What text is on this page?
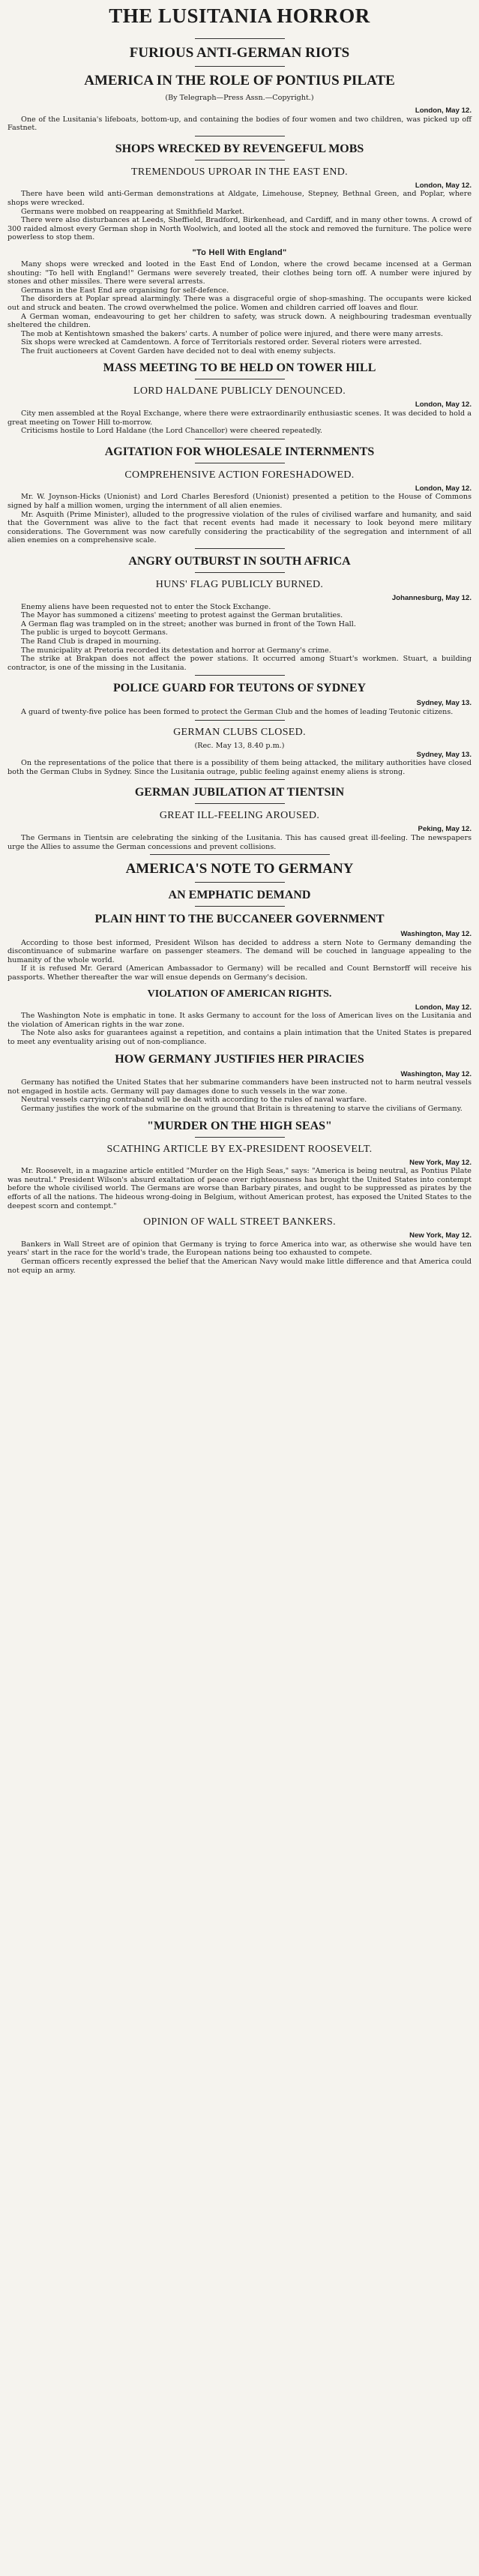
THE LUSITANIA HORROR
FURIOUS ANTI-GERMAN RIOTS
AMERICA IN THE ROLE OF PONTIUS PILATE
(By Telegraph—Press Assn.—Copyright.)
London, May 12.

One of the Lusitania's lifeboats, bottom-up, and containing the bodies of four women and two children, was picked up off Fastnet.

SHOPS WRECKED BY REVENGEFUL MOBS
TREMENDOUS UPROAR IN THE EAST END.
London, May 12.

There have been wild anti-German demonstrations at Aldgate, Limehouse, Stepney, Bethnal Green, and Poplar, where shops were wrecked.

Germans were mobbed on reappearing at Smithfield Market.

There were also disturbances at Leeds, Sheffield, Bradford, Birkenhead, and Cardiff, and in many other towns. A crowd of 300 raided almost every German shop in North Woolwich, and looted all the stock and removed the furniture. The police were powerless to stop them.

"To Hell With England"

Many shops were wrecked and looted in the East End of London, where the crowd became incensed at a German shouting: "To hell with England!" Germans were severely treated, their clothes being torn off. A number were injured by stones and other missiles. There were several arrests.

Germans in the East End are organising for self-defence.

The disorders at Poplar spread alarmingly. There was a disgraceful orgie of shop-smashing. The occupants were kicked out and struck and beaten. The crowd overwhelmed the police. Women and children carried off loaves and flour.

A German woman, endeavouring to get her children to safety, was struck down. A neighbouring tradesman eventually sheltered the children.

The mob at Kentishtown smashed the bakers' carts. A number of police were injured, and there were many arrests.

Six shops were wrecked at Camdentown. A force of Territorials restored order. Several rioters were arrested.

The fruit auctioneers at Covent Garden have decided not to deal with enemy subjects.

MASS MEETING TO BE HELD ON TOWER HILL
LORD HALDANE PUBLICLY DENOUNCED.
London, May 12.

City men assembled at the Royal Exchange, where there were extraordinarily enthusiastic scenes. It was decided to hold a great meeting on Tower Hill to-morrow.

Criticisms hostile to Lord Haldane (the Lord Chancellor) were cheered repeatedly.

AGITATION FOR WHOLESALE INTERNMENTS
COMPREHENSIVE ACTION FORESHADOWED.
London, May 12.

Mr. W. Joynson-Hicks (Unionist) and Lord Charles Beresford (Unionist) presented a petition to the House of Commons signed by half a million women, urging the internment of all alien enemies.

Mr. Asquith (Prime Minister), alluded to the progressive violation of the rules of civilised warfare and humanity, and said that the Government was alive to the fact that recent events had made it necessary to look beyond mere military considerations. The Government was now carefully considering the practicability of the segregation and internment of all alien enemies on a comprehensive scale.

ANGRY OUTBURST IN SOUTH AFRICA
HUNS' FLAG PUBLICLY BURNED.
Johannesburg, May 12.

Enemy aliens have been requested not to enter the Stock Exchange.

The Mayor has summoned a citizens' meeting to protest against the German brutalities.

A German flag was trampled on in the street; another was burned in front of the Town Hall.

The public is urged to boycott Germans.

The Rand Club is draped in mourning.

The municipality at Pretoria recorded its detestation and horror at Germany's crime.

The strike at Brakpan does not affect the power stations. It occurred among Stuart's workmen. Stuart, a building contractor, is one of the missing in the Lusitania.

POLICE GUARD FOR TEUTONS OF SYDNEY
Sydney, May 13.

A guard of twenty-five police has been formed to protect the German Club and the homes of leading Teutonic citizens.

GERMAN CLUBS CLOSED.
(Rec. May 13, 8.40 p.m.)
Sydney, May 13.

On the representations of the police that there is a possibility of them being attacked, the military authorities have closed both the German Clubs in Sydney. Since the Lusitania outrage, public feeling against enemy aliens is strong.

GERMAN JUBILATION AT TIENTSIN
GREAT ILL-FEELING AROUSED.
Peking, May 12.

The Germans in Tientsin are celebrating the sinking of the Lusitania. This has caused great ill-feeling. The newspapers urge the Allies to assume the German concessions and prevent collisions.

AMERICA'S NOTE TO GERMANY
AN EMPHATIC DEMAND
PLAIN HINT TO THE BUCCANEER GOVERNMENT
Washington, May 12.

According to those best informed, President Wilson has decided to address a stern Note to Germany demanding the discontinuance of submarine warfare on passenger steamers. The demand will be couched in language appealing to the humanity of the whole world.

If it is refused Mr. Gerard (American Ambassador to Germany) will be recalled and Count Bernstorff will receive his passports. Whether thereafter the war will ensue depends on Germany's decision.

VIOLATION OF AMERICAN RIGHTS.
London, May 12.

The Washington Note is emphatic in tone. It asks Germany to account for the loss of American lives on the Lusitania and the violation of American rights in the war zone.

The Note also asks for guarantees against a repetition, and contains a plain intimation that the United States is prepared to meet any eventuality arising out of non-compliance.

HOW GERMANY JUSTIFIES HER PIRACIES
Washington, May 12.

Germany has notified the United States that her submarine commanders have been instructed not to harm neutral vessels not engaged in hostile acts. Germany will pay damages done to such vessels in the war zone.

Neutral vessels carrying contraband will be dealt with according to the rules of naval warfare.

Germany justifies the work of the submarine on the ground that Britain is threatening to starve the civilians of Germany.

"MURDER ON THE HIGH SEAS"
SCATHING ARTICLE BY EX-PRESIDENT ROOSEVELT.
New York, May 12.

Mr. Roosevelt, in a magazine article entitled "Murder on the High Seas," says: "America is being neutral, as Pontius Pilate was neutral." President Wilson's absurd exaltation of peace over righteousness has brought the United States into contempt before the whole civilised world. The Germans are worse than Barbary pirates, and ought to be suppressed as pirates by the efforts of all the nations. The hideous wrong-doing in Belgium, without American protest, has exposed the United States to the deepest scorn and contempt."

OPINION OF WALL STREET BANKERS.
New York, May 12.

Bankers in Wall Street are of opinion that Germany is trying to force America into war, as otherwise she would have ten years' start in the race for the world's trade, the European nations being too exhausted to compete.

German officers recently expressed the belief that the American Navy would make little difference and that America could not equip an army.
